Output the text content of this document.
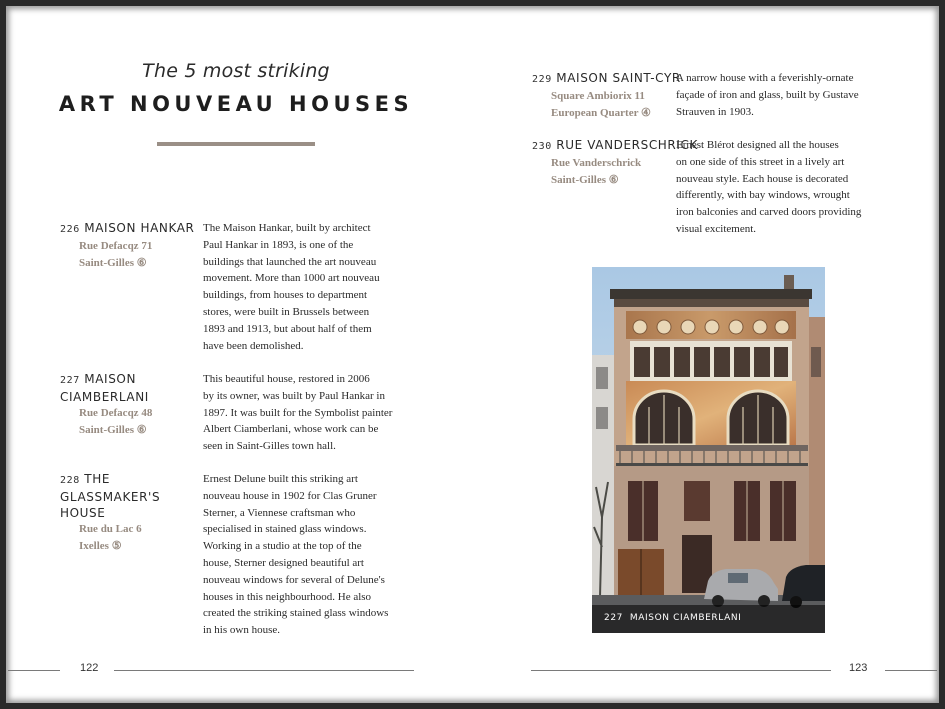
The 5 most striking
ART NOUVEAU HOUSES
226 MAISON HANKAR
Rue Defacqz 71
Saint-Gilles ⑥
The Maison Hankar, built by architect
Paul Hankar in 1893, is one of the
buildings that launched the art nouveau
movement. More than 1000 art nouveau
buildings, from houses to department
stores, were built in Brussels between
1893 and 1913, but about half of them
have been demolished.
227 MAISON CIAMBERLANI
Rue Defacqz 48
Saint-Gilles ⑥
This beautiful house, restored in 2006
by its owner, was built by Paul Hankar in
1897. It was built for the Symbolist painter
Albert Ciamberlani, whose work can be
seen in Saint-Gilles town hall.
228 THE GLASSMAKER'S HOUSE
Rue du Lac 6
Ixelles ⑤
Ernest Delune built this striking art
nouveau house in 1902 for Clas Gruner
Sterner, a Viennese craftsman who
specialised in stained glass windows.
Working in a studio at the top of the
house, Sterner designed beautiful art
nouveau windows for several of Delune's
houses in this neighbourhood. He also
created the striking stained glass windows
in his own house.
229 MAISON SAINT-CYR
Square Ambiorix 11
European Quarter ④
A narrow house with a feverishly-ornate
façade of iron and glass, built by Gustave
Strauven in 1903.
230 RUE VANDERSCHRICK
Rue Vanderschrick
Saint-Gilles ⑥
Ernest Blérot designed all the houses
on one side of this street in a lively art
nouveau style. Each house is decorated
differently, with bay windows, wrought
iron balconies and carved doors providing
visual excitement.
227 MAISON CIAMBERLANI
122	123
